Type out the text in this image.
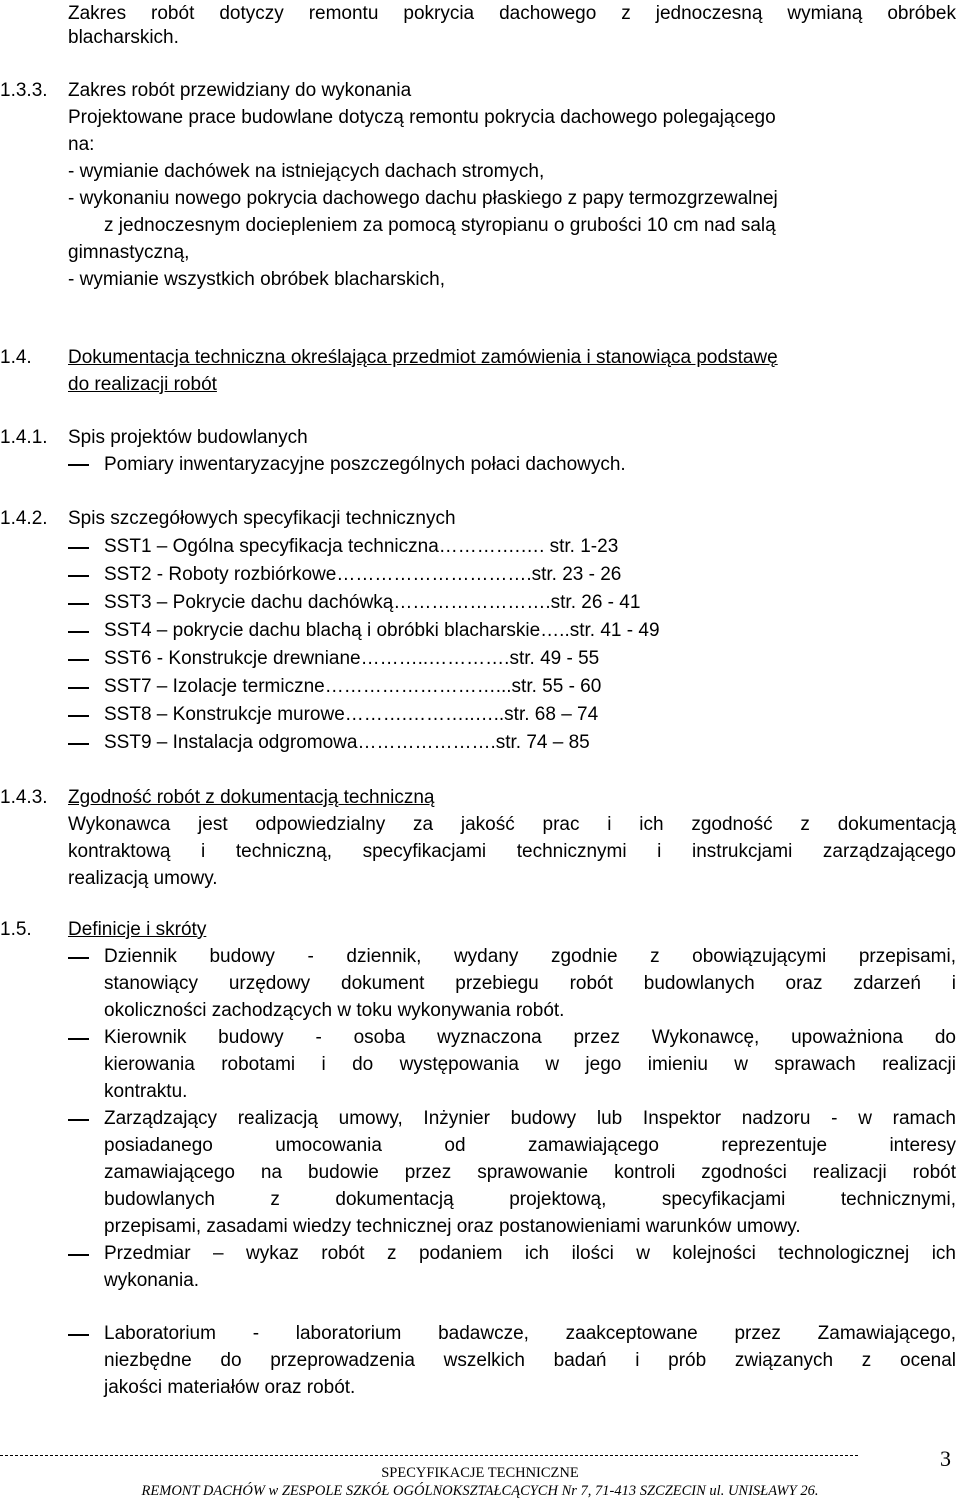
Zakres robót dotyczy remontu pokrycia dachowego z jednoczesną wymianą obróbek
blacharskich.
1.3.3. Zakres robót przewidziany do wykonania
Projektowane prace budowlane dotyczą remontu pokrycia dachowego polegającego
na:
- wymianie dachówek na istniejących dachach stromych,
- wykonaniu nowego pokrycia dachowego dachu płaskiego z papy termozgrzewalnej
z jednoczesnym dociepleniem za pomocą styropianu o grubości 10 cm nad salą
gimnastyczną,
- wymianie wszystkich obróbek blacharskich,
1.4. Dokumentacja techniczna określająca przedmiot zamówienia i stanowiąca podstawę
do realizacji robót
1.4.1. Spis projektów budowlanych
Pomiary inwentaryzacyjne poszczególnych połaci dachowych.
1.4.2. Spis szczegółowych specyfikacji technicznych
SST1 – Ogólna specyfikacja techniczna………….…. str. 1-23
SST2 - Roboty rozbiórkowe………………………….str. 23 - 26
SST3 – Pokrycie dachu dachówką…………………….str. 26 - 41
SST4 – pokrycie dachu blachą i obróbki blacharskie…..str. 41 - 49
SST6 - Konstrukcje drewniane………..………….str. 49 - 55
SST7 – Izolacje termiczne………………………...str. 55 - 60
SST8 – Konstrukcje murowe……….………..…..str. 68 – 74
SST9 – Instalacja odgromowa………………….str. 74 – 85
1.4.3. Zgodność robót z dokumentacją techniczną
Wykonawca jest odpowiedzialny za jakość prac i ich zgodność z dokumentacją
kontraktową i techniczną, specyfikacjami technicznymi i instrukcjami zarządzającego
realizacją umowy.
1.5. Definicje i skróty
Dziennik budowy - dziennik, wydany zgodnie z obowiązującymi przepisami,
stanowiący urzędowy dokument przebiegu robót budowlanych oraz zdarzeń i
okoliczności zachodzących w toku wykonywania robót.
Kierownik budowy - osoba wyznaczona przez Wykonawcę, upoważniona do
kierowania robotami i do występowania w jego imieniu w sprawach realizacji
kontraktu.
Zarządzający realizacją umowy, Inżynier budowy lub Inspektor nadzoru - w ramach
posiadanego umocowania od zamawiającego reprezentuje interesy
zamawiającego na budowie przez sprawowanie kontroli zgodności realizacji robót
budowlanych z dokumentacją projektową, specyfikacjami technicznymi,
przepisami, zasadami wiedzy technicznej oraz postanowieniami warunków umowy.
Przedmiar – wykaz robót z podaniem ich ilości w kolejności technologicznej ich
wykonania.
Laboratorium - laboratorium badawcze, zaakceptowane przez Zamawiającego,
niezbędne do przeprowadzenia wszelkich badań i prób związanych z ocenal
jakości materiałów oraz robót.
SPECYFIKACJE TECHNICZNE
REMONT DACHÓW w ZESPOLE SZKÓŁ OGÓLNOKSZTAŁCĄCYCH Nr 7, 71-413 SZCZECIN ul. UNISŁAWY 26.
3
